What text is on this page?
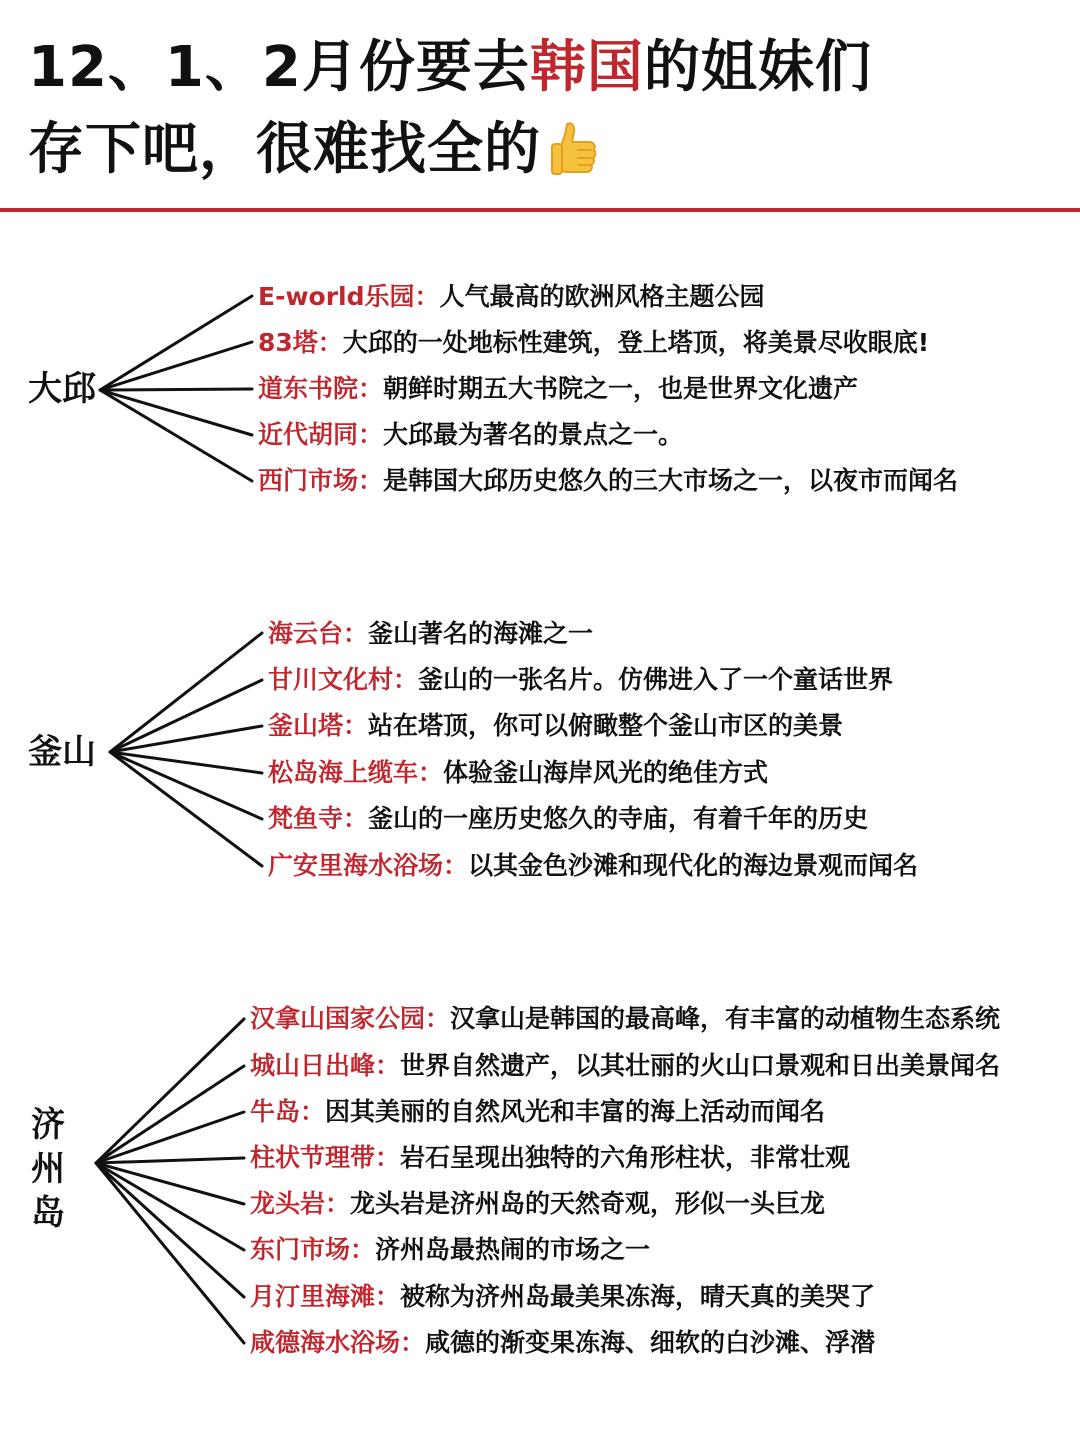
12、1、2月份要去韩国的姐妹们
存下吧，很难找全的
大邱
E-world乐园：人气最高的欧洲风格主题公园
83塔：大邱的一处地标性建筑，登上塔顶，将美景尽收眼底!
道东书院：朝鲜时期五大书院之一，也是世界文化遗产
近代胡同：大邱最为著名的景点之一。
西门市场：是韩国大邱历史悠久的三大市场之一，以夜市而闻名
釜山
海云台：釜山著名的海滩之一
甘川文化村：釜山的一张名片。仿佛进入了一个童话世界
釜山塔：站在塔顶，你可以俯瞰整个釜山市区的美景
松岛海上缆车：体验釜山海岸风光的绝佳方式
梵鱼寺：釜山的一座历史悠久的寺庙，有着千年的历史
广安里海水浴场：以其金色沙滩和现代化的海边景观而闻名
济州岛
汉拿山国家公园：汉拿山是韩国的最高峰，有丰富的动植物生态系统
城山日出峰：世界自然遗产，以其壮丽的火山口景观和日出美景闻名
牛岛：因其美丽的自然风光和丰富的海上活动而闻名
柱状节理带：岩石呈现出独特的六角形柱状，非常壮观
龙头岩：龙头岩是济州岛的天然奇观，形似一头巨龙
东门市场：济州岛最热闹的市场之一
月汀里海滩：被称为济州岛最美果冻海，晴天真的美哭了
咸德海水浴场：咸德的渐变果冻海、细软的白沙滩、浮潜
